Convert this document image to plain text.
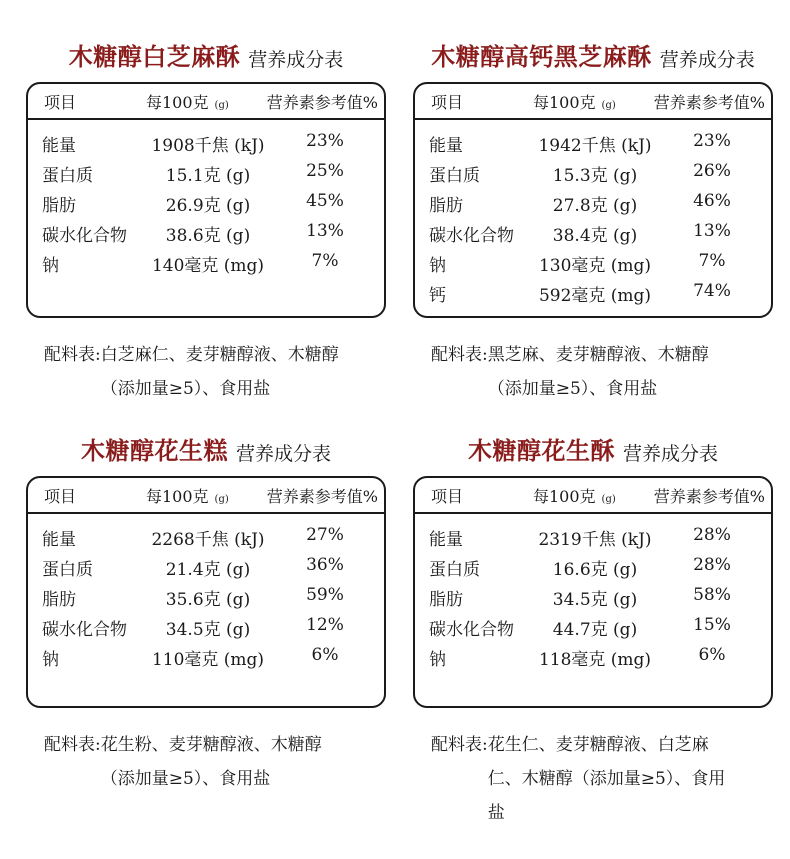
木糖醇白芝麻酥 营养成分表
项目	每100克 (g) 营养素参考值%
能量	1908千焦 (kJ)	23%
蛋白质	15.1克 (g)	25%
脂肪	26.9克 (g)	45%
碳水化合物	38.6克 (g)	13%
钠	140毫克 (mg)	7%
配料表: 白芝麻仁、麦芽糖醇液、木糖醇（添加量≥5）、食用盐
木糖醇高钙黑芝麻酥 营养成分表
项目	每100克 (g) 营养素参考值%
能量	1942千焦 (kJ)	23%
蛋白质	15.3克 (g)	26%
脂肪	27.8克 (g)	46%
碳水化合物	38.4克 (g)	13%
钠	130毫克 (mg)	7%
钙	592毫克 (mg)	74%
配料表: 黑芝麻、麦芽糖醇液、木糖醇（添加量≥5）、食用盐
木糖醇花生糕 营养成分表
项目	每100克 (g) 营养素参考值%
能量	2268千焦 (kJ)	27%
蛋白质	21.4克 (g)	36%
脂肪	35.6克 (g)	59%
碳水化合物	34.5克 (g)	12%
钠	110毫克 (mg)	6%
配料表: 花生粉、麦芽糖醇液、木糖醇（添加量≥5）、食用盐
木糖醇花生酥 营养成分表
项目	每100克 (g) 营养素参考值%
能量	2319千焦 (kJ)	28%
蛋白质	16.6克 (g)	28%
脂肪	34.5克 (g)	58%
碳水化合物	44.7克 (g)	15%
钠	118毫克 (mg)	6%
配料表: 花生仁、麦芽糖醇液、白芝麻仁、木糖醇（添加量≥5）、食用盐
